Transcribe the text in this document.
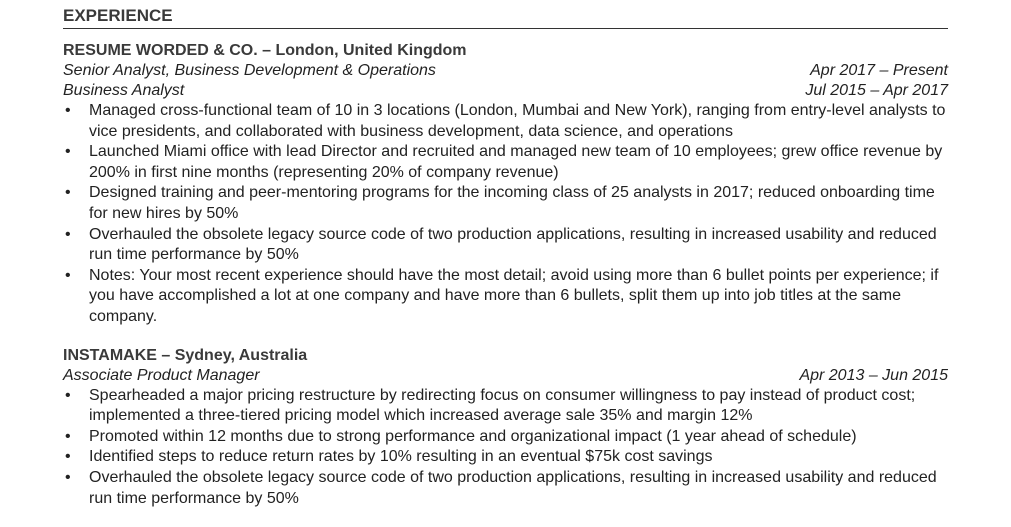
EXPERIENCE
RESUME WORDED & CO. – London, United Kingdom
Senior Analyst, Business Development & Operations	Apr 2017 – Present
Business Analyst	Jul 2015 – Apr 2017
• Managed cross-functional team of 10 in 3 locations (London, Mumbai and New York), ranging from entry-level analysts to vice presidents, and collaborated with business development, data science, and operations
• Launched Miami office with lead Director and recruited and managed new team of 10 employees; grew office revenue by 200% in first nine months (representing 20% of company revenue)
• Designed training and peer-mentoring programs for the incoming class of 25 analysts in 2017; reduced onboarding time for new hires by 50%
• Overhauled the obsolete legacy source code of two production applications, resulting in increased usability and reduced run time performance by 50%
• Notes: Your most recent experience should have the most detail; avoid using more than 6 bullet points per experience; if you have accomplished a lot at one company and have more than 6 bullets, split them up into job titles at the same company.
INSTAMAKE – Sydney, Australia
Associate Product Manager	Apr 2013 – Jun 2015
• Spearheaded a major pricing restructure by redirecting focus on consumer willingness to pay instead of product cost; implemented a three-tiered pricing model which increased average sale 35% and margin 12%
• Promoted within 12 months due to strong performance and organizational impact (1 year ahead of schedule)
• Identified steps to reduce return rates by 10% resulting in an eventual $75k cost savings
• Overhauled the obsolete legacy source code of two production applications, resulting in increased usability and reduced run time performance by 50%
